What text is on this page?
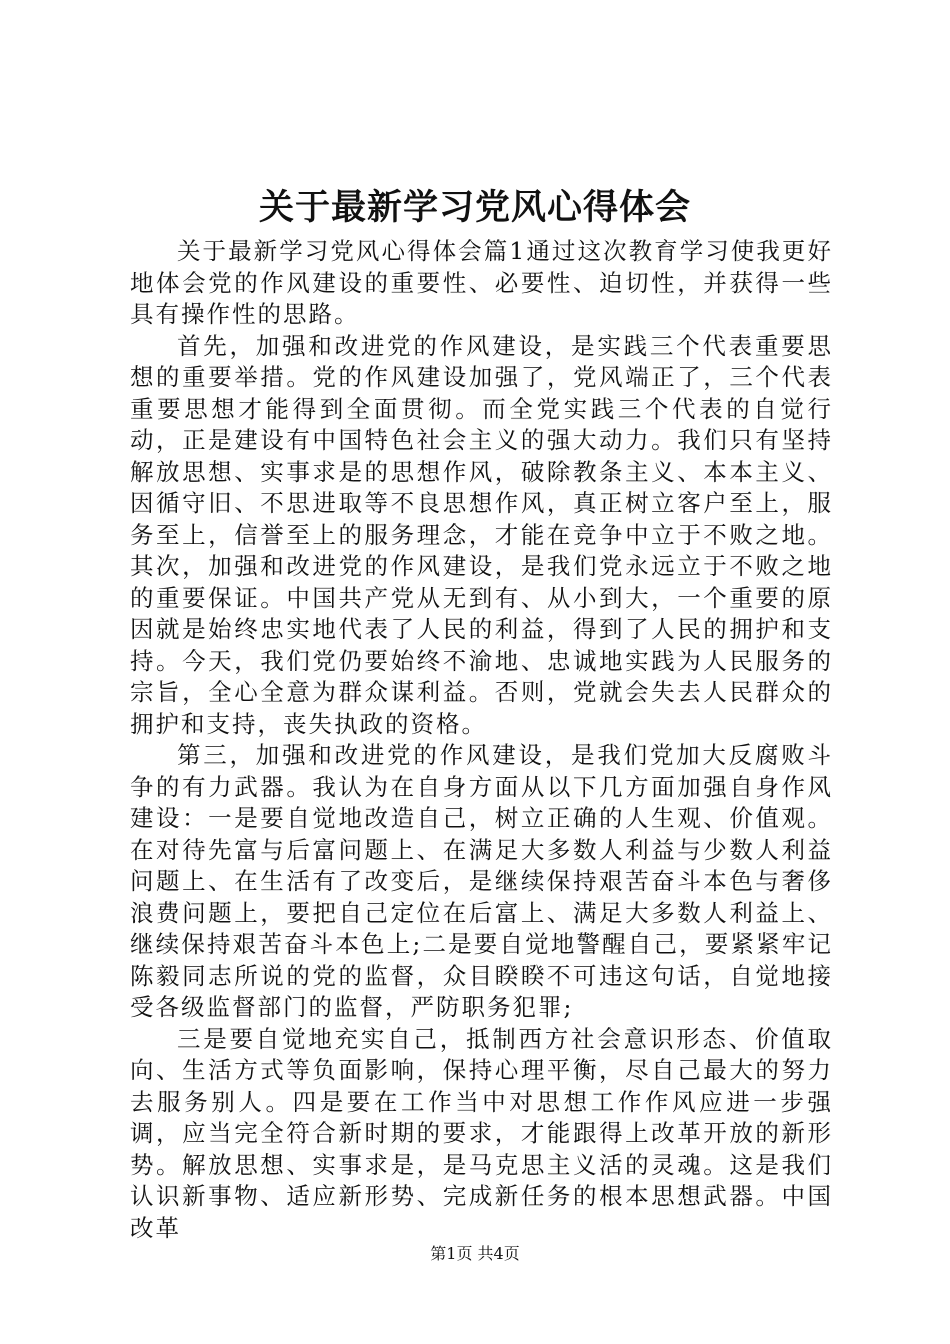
关于最新学习党风心得体会

关于最新学习党风心得体会篇1通过这次教育学习使我更好地体会党的作风建设的重要性、必要性、迫切性，并获得一些具有操作性的思路。

首先，加强和改进党的作风建设，是实践三个代表重要思想的重要举措。党的作风建设加强了，党风端正了，三个代表重要思想才能得到全面贯彻。而全党实践三个代表的自觉行动，正是建设有中国特色社会主义的强大动力。我们只有坚持解放思想、实事求是的思想作风，破除教条主义、本本主义、因循守旧、不思进取等不良思想作风，真正树立客户至上，服务至上，信誉至上的服务理念，才能在竞争中立于不败之地。其次，加强和改进党的作风建设，是我们党永远立于不败之地的重要保证。中国共产党从无到有、从小到大，一个重要的原因就是始终忠实地代表了人民的利益，得到了人民的拥护和支持。今天，我们党仍要始终不渝地、忠诚地实践为人民服务的宗旨，全心全意为群众谋利益。否则，党就会失去人民群众的拥护和支持，丧失执政的资格。

第三，加强和改进党的作风建设，是我们党加大反腐败斗争的有力武器。我认为在自身方面从以下几方面加强自身作风建设：一是要自觉地改造自己，树立正确的人生观、价值观。在对待先富与后富问题上、在满足大多数人利益与少数人利益问题上、在生活有了改变后，是继续保持艰苦奋斗本色与奢侈浪费问题上，要把自己定位在后富上、满足大多数人利益上、继续保持艰苦奋斗本色上;二是要自觉地警醒自己，要紧紧牢记陈毅同志所说的党的监督，众目睽睽不可违这句话，自觉地接受各级监督部门的监督，严防职务犯罪;

三是要自觉地充实自己，抵制西方社会意识形态、价值取向、生活方式等负面影响，保持心理平衡，尽自己最大的努力去服务别人。四是要在工作当中对思想工作作风应进一步强调，应当完全符合新时期的要求，才能跟得上改革开放的新形势。解放思想、实事求是，是马克思主义活的灵魂。这是我们认识新事物、适应新形势、完成新任务的根本思想武器。中国改革

第1页 共4页
